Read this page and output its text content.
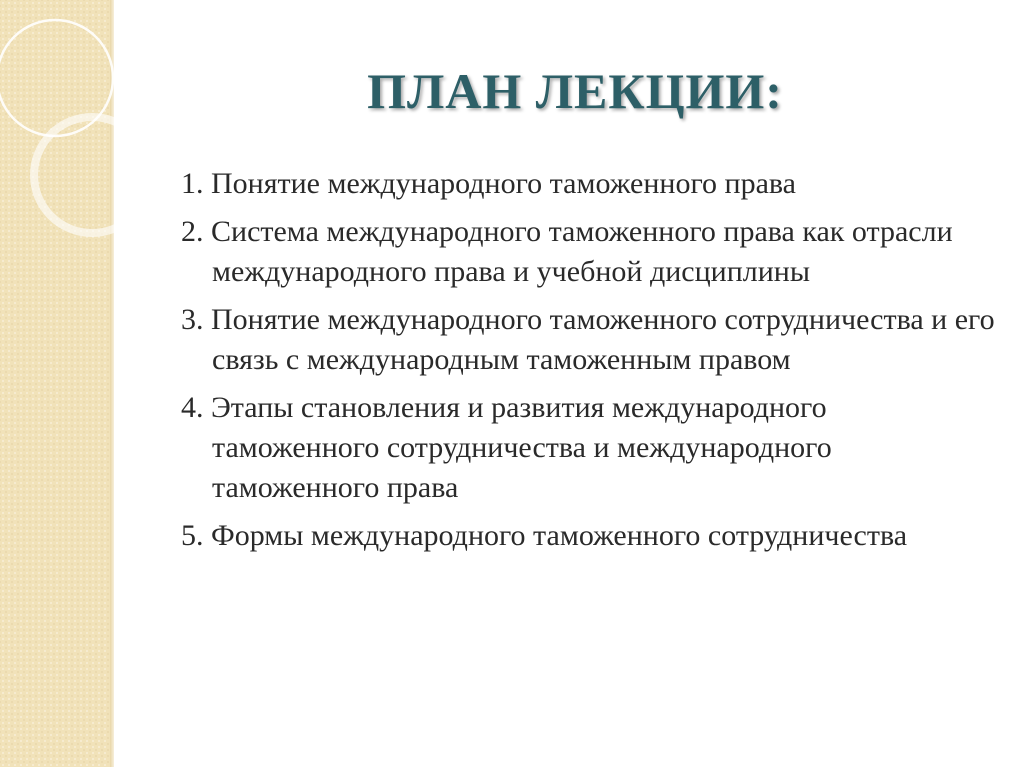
ПЛАН ЛЕКЦИИ:
1. Понятие международного таможенного права
2. Система международного таможенного права как отрасли международного права и учебной дисциплины
3. Понятие международного таможенного сотрудничества и его связь с международным таможенным правом
4. Этапы становления и развития международного таможенного сотрудничества и международного таможенного права
5. Формы международного таможенного сотрудничества
